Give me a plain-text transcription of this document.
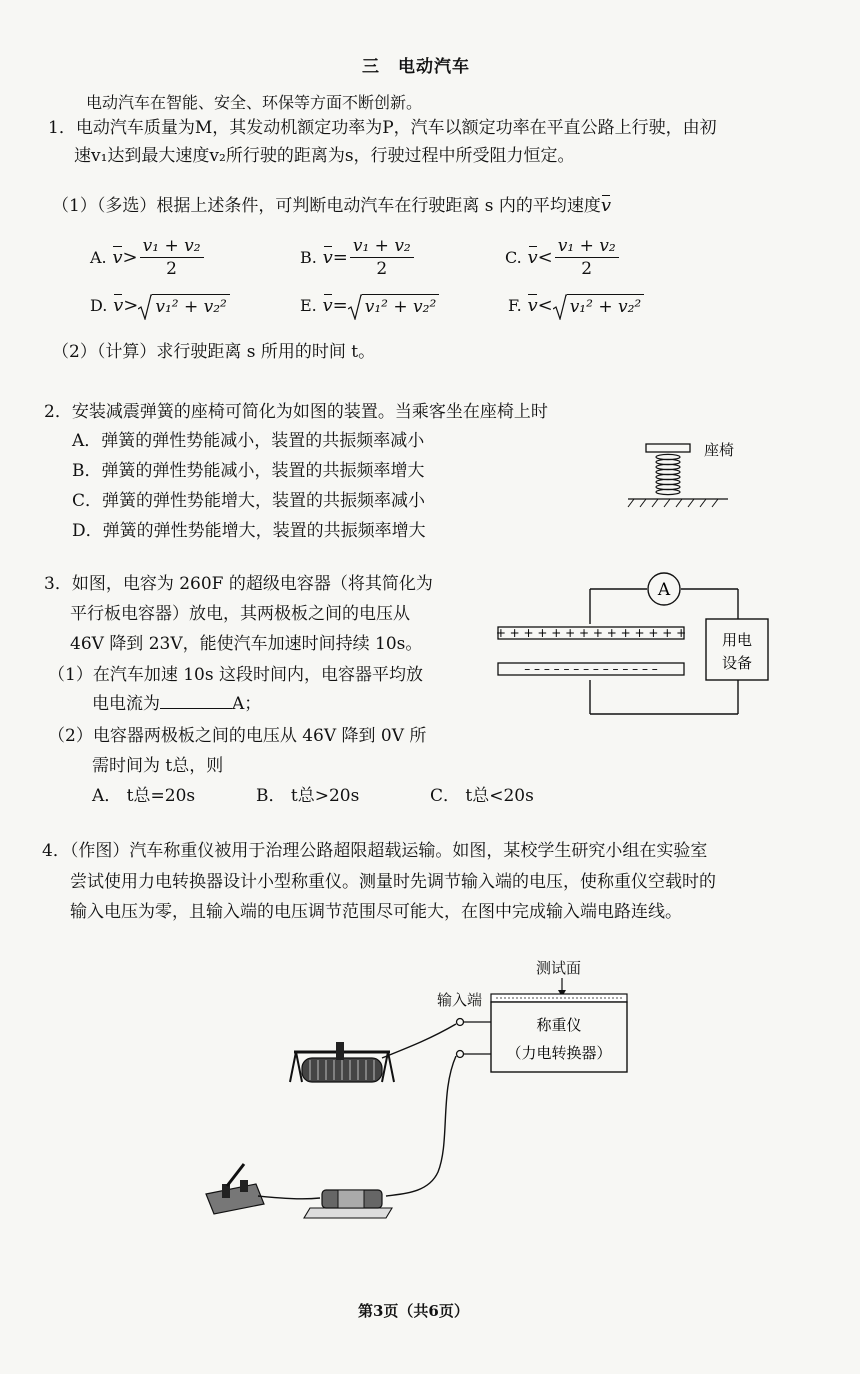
三　电动汽车
电动汽车在智能、安全、环保等方面不断创新。
1．电动汽车质量为M，其发动机额定功率为P，汽车以额定功率在平直公路上行驶，由初
速v₁达到最大速度v₂所行驶的距离为s，行驶过程中所受阻力恒定。
（1）（多选）根据上述条件，可判断电动汽车在行驶距离 s 内的平均速度v
A.
$v > \frac{\text{v₁ + v₂}}{2}$	B.
$v = \frac{\text{v₁ + v₂}}{2}$	C.
$v < \frac{\text{v₁ + v₂}}{2}$
D.
v >	v₁² + v₂²	E.
v =	v₁² + v₂²	F.
v <	v₁² + v₂²
（2）（计算）求行驶距离 s 所用的时间 t。
2．安装减震弹簧的座椅可简化为如图的装置。当乘客坐在座椅上时
A．弹簧的弹性势能减小，装置的共振频率减小
B．弹簧的弹性势能减小，装置的共振频率增大
C．弹簧的弹性势能增大，装置的共振频率减小
D．弹簧的弹性势能增大，装置的共振频率增大
座椅
3．如图，电容为 260F 的超级电容器（将其简化为
平行板电容器）放电，其两极板之间的电压从
46V 降到 23V，能使汽车加速时间持续 10s。
（1）在汽车加速 10s 这段时间内，电容器平均放
电电流为	A；
（2）电容器两极板之间的电压从 46V 降到 0V 所
需时间为 t总，则
A． t总=20s	B． t总>20s	C． t总<20s
A
+ + + + + + + + + + + + + +
– – – – – – – – – – – – – –
用电
设备
4．（作图）汽车称重仪被用于治理公路超限超载运输。如图，某校学生研究小组在实验室
尝试使用力电转换器设计小型称重仪。测量时先调节输入端的电压，使称重仪空载时的
输入电压为零，且输入端的电压调节范围尽可能大，在图中完成输入端电路连线。
测试面
输入端
称重仪
（力电转换器）
第3页（共6页）
